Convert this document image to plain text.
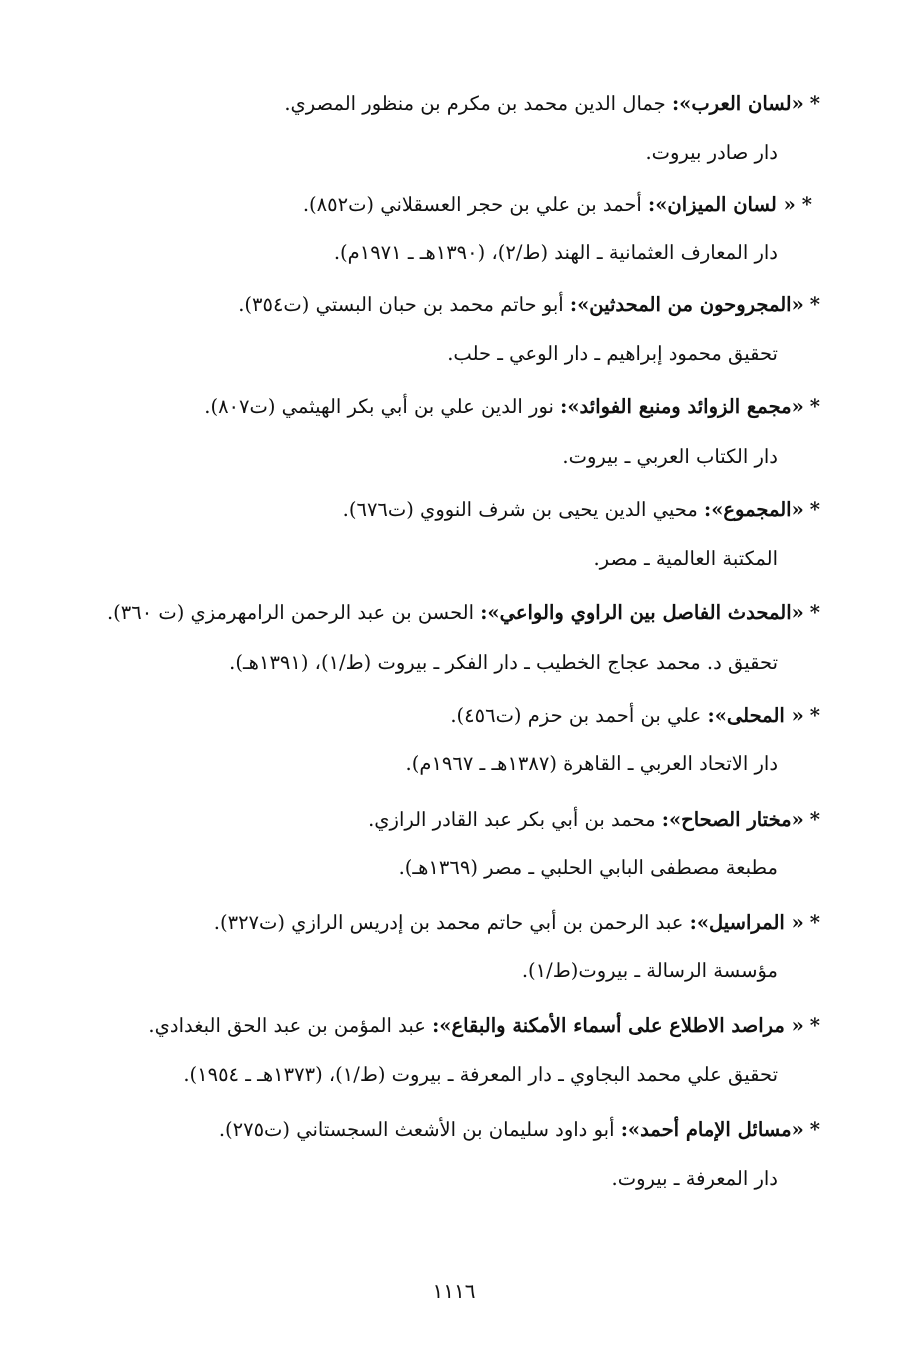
*«لسان العرب»: جمال الدين محمد بن مكرم بن منظور المصري.
دار صادر بيروت.
*« لسان الميزان»: أحمد بن علي بن حجر العسقلاني (ت٨٥٢).
دار المعارف العثمانية ـ الهند (ط/٢)، (١٣٩٠هـ ـ ١٩٧١م).
*«المجروحون من المحدثين»: أبو حاتم محمد بن حبان البستي (ت٣٥٤).
تحقيق محمود إبراهيم ـ دار الوعي ـ حلب.
*«مجمع الزوائد ومنبع الفوائد»: نور الدين علي بن أبي بكر الهيثمي (ت٨٠٧).
دار الكتاب العربي ـ بيروت.
*«المجموع»: محيي الدين يحيى بن شرف النووي (ت٦٧٦).
المكتبة العالمية ـ مصر.
*«المحدث الفاصل بين الراوي والواعي»: الحسن بن عبد الرحمن الرامهرمزي (ت ٣٦٠).
تحقيق د. محمد عجاج الخطيب ـ دار الفكر ـ بيروت (ط/١)، (١٣٩١هـ).
*« المحلى»: علي بن أحمد بن حزم (ت٤٥٦).
دار الاتحاد العربي ـ القاهرة (١٣٨٧هـ ـ ١٩٦٧م).
*«مختار الصحاح»: محمد بن أبي بكر عبد القادر الرازي.
مطبعة مصطفى البابي الحلبي ـ مصر (١٣٦٩هـ).
*« المراسيل»: عبد الرحمن بن أبي حاتم محمد بن إدريس الرازي (ت٣٢٧).
مؤسسة الرسالة ـ بيروت(ط/١).
*« مراصد الاطلاع على أسماء الأمكنة والبقاع»: عبد المؤمن بن عبد الحق البغدادي.
تحقيق علي محمد البجاوي ـ دار المعرفة ـ بيروت (ط/١)، (١٣٧٣هـ ـ ١٩٥٤).
*«مسائل الإمام أحمد»: أبو داود سليمان بن الأشعث السجستاني (ت٢٧٥).
دار المعرفة ـ بيروت.
١١١٦
